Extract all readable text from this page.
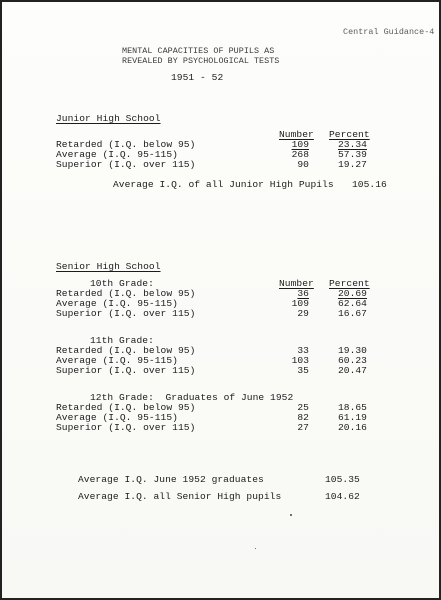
Central Guidance-4
MENTAL CAPACITIES OF PUPILS AS
REVEALED BY PSYCHOLOGICAL TESTS
1951 - 52
Junior High School
Number Percent
Retarded (I.Q. below 95)	109	23.34
Average (I.Q. 95-115)	268	57.39
Superior (I.Q. over 115)	90	19.27
Average I.Q. of all Junior High Pupils 105.16
Senior High School
Number Percent
10th Grade:
Retarded (I.Q. below 95)	36	20.69
Average (I.Q. 95-115)	109	62.64
Superior (I.Q. over 115)	29	16.67
11th Grade:
Retarded (I.Q. below 95)	33	19.30
Average (I.Q. 95-115)	103	60.23
Superior (I.Q. over 115)	35	20.47
12th Grade:  Graduates of June 1952
Retarded (I.Q. below 95)	25	18.65
Average (I.Q. 95-115)	82	61.19
Superior (I.Q. over 115)	27	20.16
Average I.Q. June 1952 graduates	105.35
Average I.Q. all Senior High pupils	104.62
